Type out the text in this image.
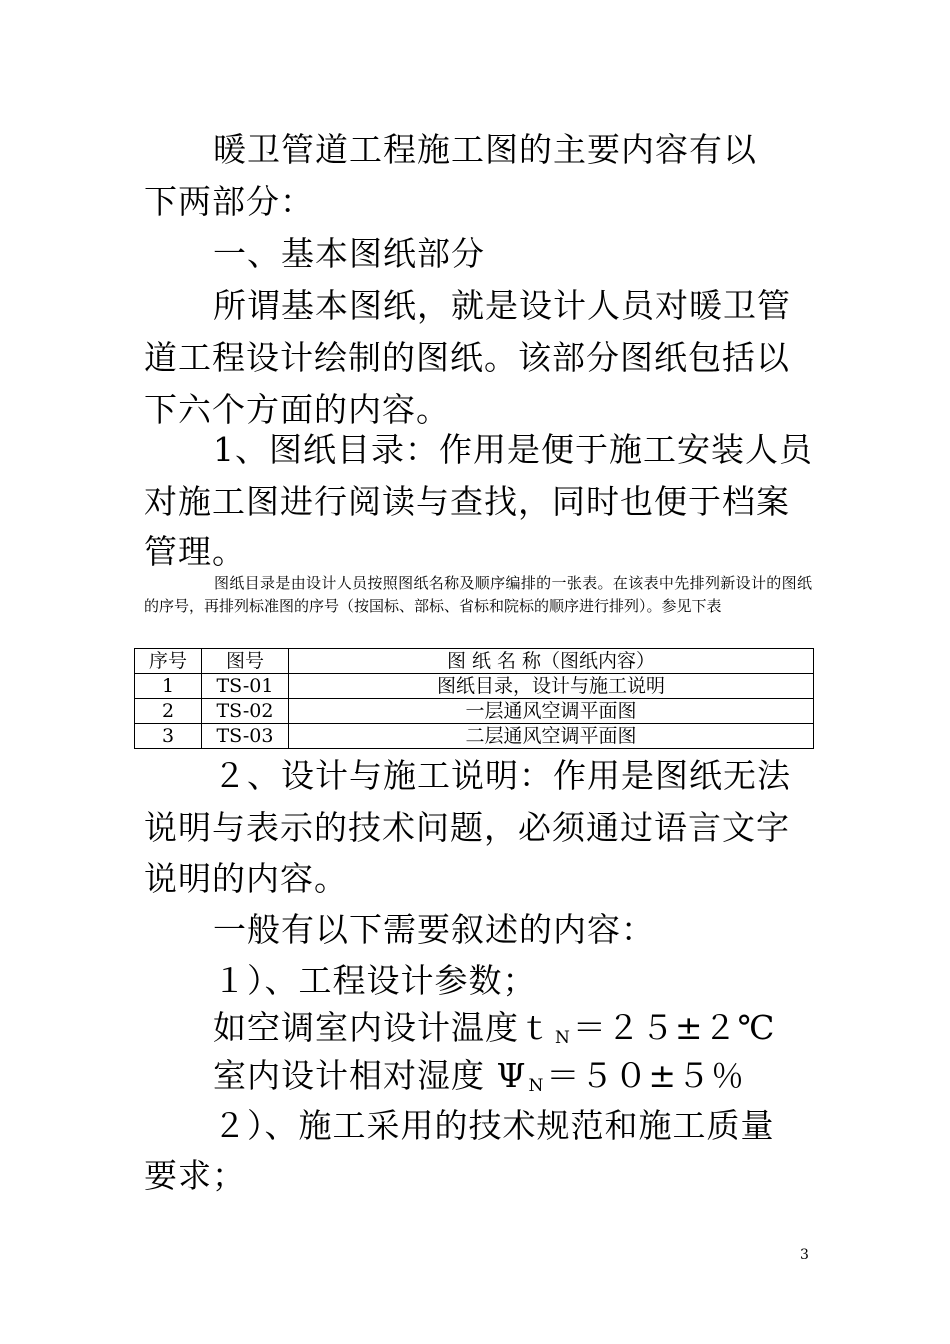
暖卫管道工程施工图的主要内容有以
下两部分：
一、基本图纸部分
所谓基本图纸，就是设计人员对暖卫管
道工程设计绘制的图纸。该部分图纸包括以
下六个方面的内容。
1、图纸目录：作用是便于施工安装人员
对施工图进行阅读与查找，同时也便于档案
管理。
图纸目录是由设计人员按照图纸名称及顺序编排的一张表。在该表中先排列新设计的图纸的序号，再排列标准图的序号（按国标、部标、省标和院标的顺序进行排列）。参见下表
序号	图号	图 纸 名 称（图纸内容）
1	TS-01	图纸目录，设计与施工说明
2	TS-02	一层通风空调平面图
3	TS-03	二层通风空调平面图
２、设计与施工说明：作用是图纸无法
说明与表示的技术问题，必须通过语言文字
说明的内容。
一般有以下需要叙述的内容：
１）、工程设计参数；
如空调室内设计温度ｔ $_N$＝２５±２℃
室内设计相对湿度 Ψ $_N$＝５０±５％
２）、施工采用的技术规范和施工质量
要求；
3
